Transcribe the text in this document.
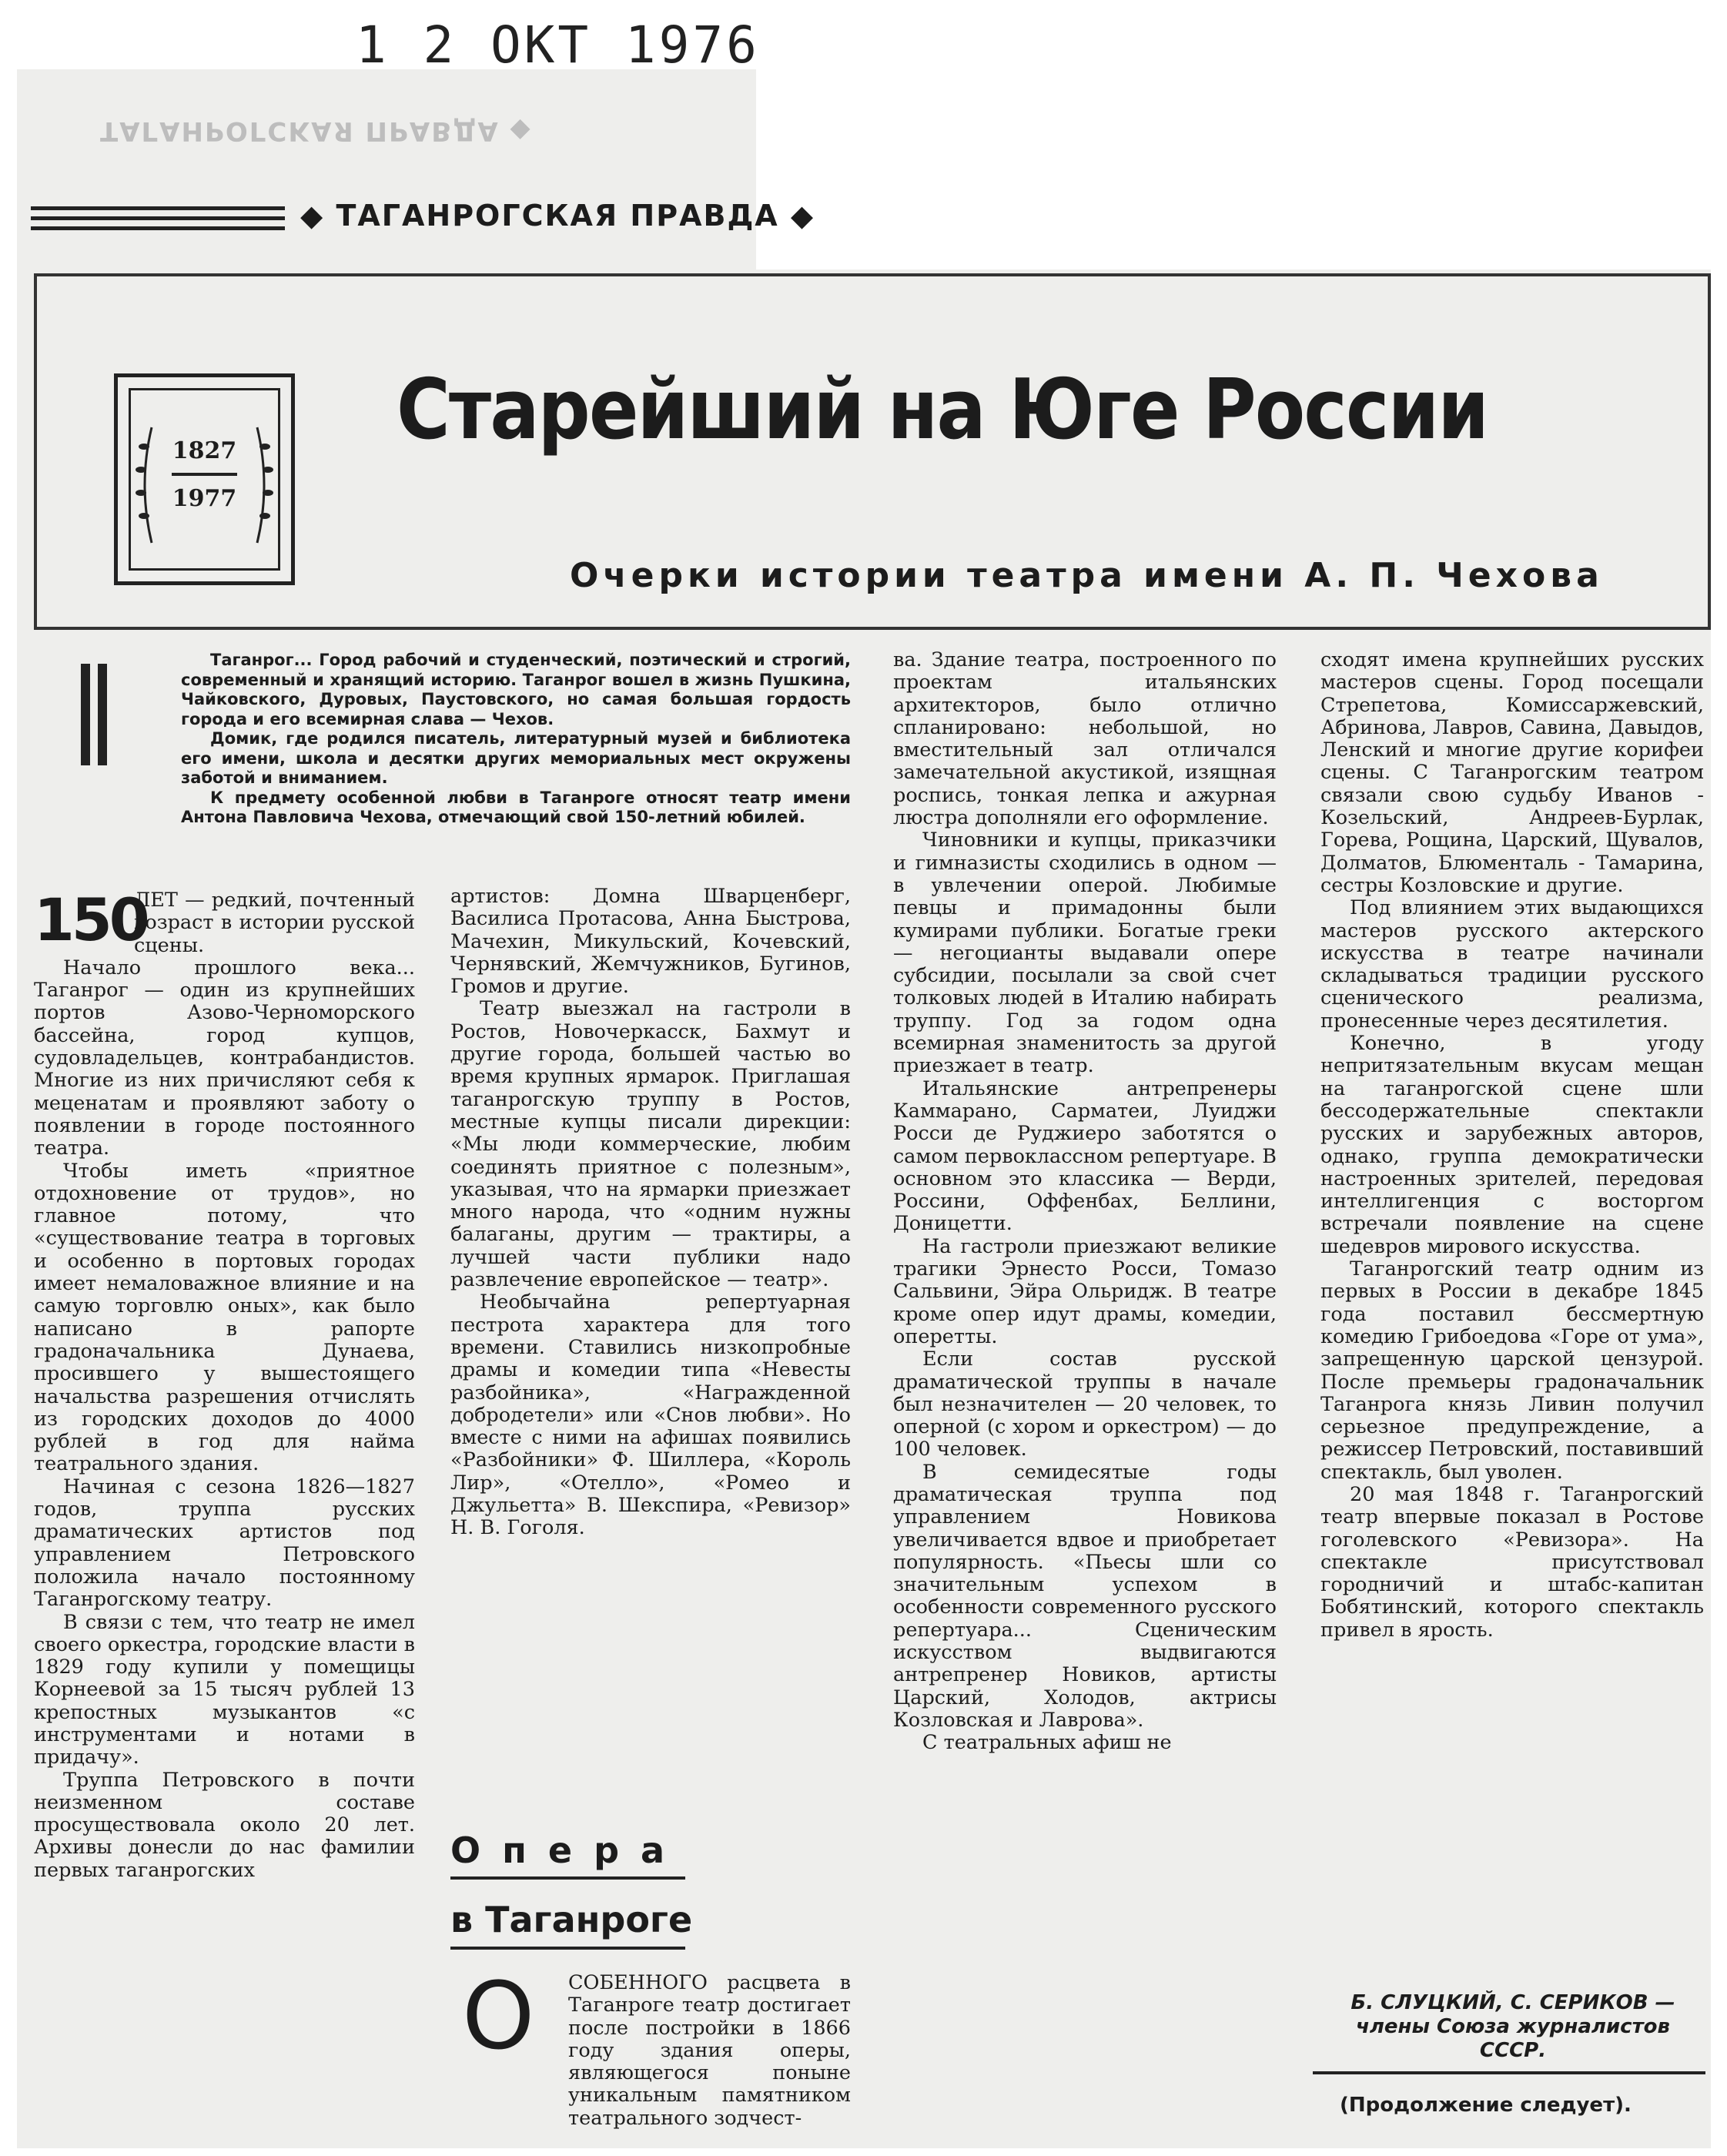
1 2 ОКТ 1976
ТАГАНРОГСКАЯ ПРАВДА ◆
◆ ТАГАНРОГСКАЯ ПРАВДА ◆
1827
1977
Старейший на Юге России
Очерки истории театра имени А. П. Чехова

Таганрог... Город рабочий и студенческий, поэтический и строгий, современный и хранящий историю. Таганрог вошел в жизнь Пушкина, Чайковского, Дуровых, Паустовского, но самая большая гордость города и его всемирная слава — Чехов.

Домик, где родился писатель, литературный музей и библиотека его имени, школа и десятки других мемориальных мест окружены заботой и вниманием.

К предмету особенной любви в Таганроге относят театр имени Антона Павловича Чехова, отмечающий свой 150-летний юбилей.

150

ЛЕТ — редкий, почтенный возраст в истории русской сцены.

Начало прошлого века... Таганрог — один из крупнейших портов Азово-Черноморского бассейна, город купцов, судовладельцев, контрабандистов. Многие из них причисляют себя к меценатам и проявляют заботу о появлении в городе постоянного театра.

Чтобы иметь «приятное отдохновение от трудов», но главное потому, что «существование театра в торговых и особенно в портовых городах имеет немаловажное влияние и на самую торговлю оных», как было написано в рапорте градоначальника Дунаева, просившего у вышестоящего начальства разрешения отчислять из городских доходов до 4000 рублей в год для найма театрального здания.

Начиная с сезона 1826—1827 годов, труппа русских драматических артистов под управлением Петровского положила начало постоянному Таганрогскому театру.

В связи с тем, что театр не имел своего оркестра, городские власти в 1829 году купили у помещицы Корнеевой за 15 тысяч рублей 13 крепостных музыкантов «с инструментами и нотами в придачу».

Труппа Петровского в почти неизменном составе просуществовала около 20 лет. Архивы донесли до нас фамилии первых таганрогских

артистов: Домна Шварценберг, Василиса Протасова, Анна Быстрова, Мачехин, Микульский, Кочевский, Чернявский, Жемчужников, Бугинов, Громов и другие.

Театр выезжал на гастроли в Ростов, Новочеркасск, Бахмут и другие города, большей частью во время крупных ярмарок. Приглашая таганрогскую труппу в Ростов, местные купцы писали дирекции: «Мы люди коммерческие, любим соединять приятное с полезным», указывая, что на ярмарки приезжает много народа, что «одним нужны балаганы, другим — трактиры, а лучшей части публики надо развлечение европейское — театр».

Необычайна репертуарная пестрота характера для того времени. Ставились низкопробные драмы и комедии типа «Невесты разбойника», «Награжденной добродетели» или «Снов любви». Но вместе с ними на афишах появились «Разбойники» Ф. Шиллера, «Король Лир», «Отелло», «Ромео и Джульетта» В. Шекспира, «Ревизор» Н. В. Гоголя.

Опера
в Таганроге
О СОБЕННОГО расцвета в Таганроге театр достигает после постройки в 1866 году здания оперы, являющегося поныне уникальным памятником театрального зодчест-

ва. Здание театра, построенного по проектам итальянских архитекторов, было отлично спланировано: небольшой, но вместительный зал отличался замечательной акустикой, изящная роспись, тонкая лепка и ажурная люстра дополняли его оформление.

Чиновники и купцы, приказчики и гимназисты сходились в одном — в увлечении оперой. Любимые певцы и примадонны были кумирами публики. Богатые греки — негоцианты выдавали опере субсидии, посылали за свой счет толковых людей в Италию набирать труппу. Год за годом одна всемирная знаменитость за другой приезжает в театр.

Итальянские антрепренеры Каммарано, Сарматеи, Луиджи Росси де Руджиеро заботятся о самом первоклассном репертуаре. В основном это классика — Верди, Россини, Оффенбах, Беллини, Доницетти.

На гастроли приезжают великие трагики Эрнесто Росси, Томазо Сальвини, Эйра Ольридж. В театре кроме опер идут драмы, комедии, оперетты.

Если состав русской драматической труппы в начале был незначителен — 20 человек, то оперной (с хором и оркестром) — до 100 человек.

В семидесятые годы драматическая труппа под управлением Новикова увеличивается вдвое и приобретает популярность. «Пьесы шли со значительным успехом в особенности современного русского репертуара... Сценическим искусством выдвигаются антрепренер Новиков, артисты Царский, Холодов, актрисы Козловская и Лаврова».

С театральных афиш не

сходят имена крупнейших русских мастеров сцены. Город посещали Стрепетова, Комиссаржевский, Абринова, Лавров, Савина, Давыдов, Ленский и многие другие корифеи сцены. С Таганрогским театром связали свою судьбу Иванов - Козельский, Андреев-Бурлак, Горева, Рощина, Царский, Щувалов, Долматов, Блюменталь - Тамарина, сестры Козловские и другие.

Под влиянием этих выдающихся мастеров русского актерского искусства в театре начинали складываться традиции русского сценического реализма, пронесенные через десятилетия.

Конечно, в угоду непритязательным вкусам мещан на таганрогской сцене шли бессодержательные спектакли русских и зарубежных авторов, однако, группа демократически настроенных зрителей, передовая интеллигенция с восторгом встречали появление на сцене шедевров мирового искусства.

Таганрогский театр одним из первых в России в декабре 1845 года поставил бессмертную комедию Грибоедова «Горе от ума», запрещенную царской цензурой. После премьеры градоначальник Таганрога князь Ливин получил серьезное предупреждение, а режиссер Петровский, поставивший спектакль, был уволен.

20 мая 1848 г. Таганрогский театр впервые показал в Ростове гоголевского «Ревизора». На спектакле присутствовал городничий и штабс-капитан Бобятинский, которого спектакль привел в ярость.

Б. СЛУЦКИЙ, С. СЕРИКОВ — члены Союза журналистов СССР.
(Продолжение следует).
